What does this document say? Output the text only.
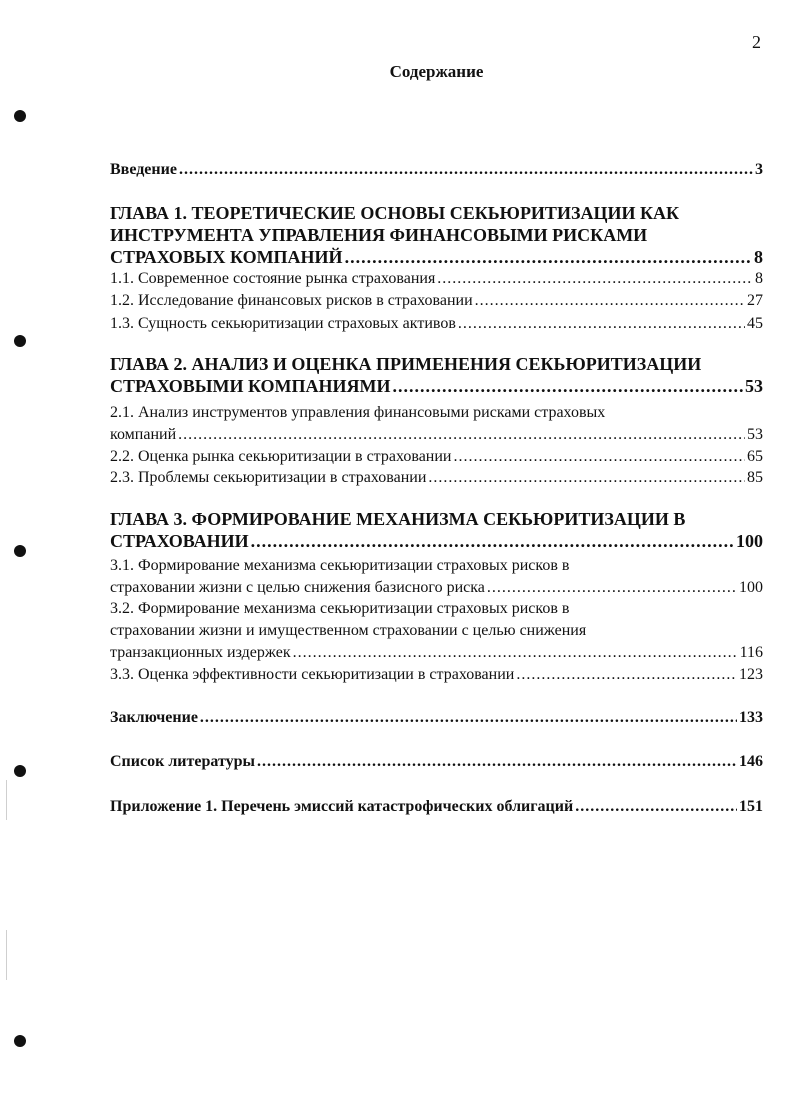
2
Содержание
Введение .....	3
ГЛАВА 1. ТЕОРЕТИЧЕСКИЕ ОСНОВЫ СЕКЬЮРИТИЗАЦИИ КАК
ИНСТРУМЕНТА УПРАВЛЕНИЯ ФИНАНСОВЫМИ РИСКАМИ
СТРАХОВЫХ КОМПАНИЙ .....	8
1.1. Современное состояние рынка страхования .....	8
1.2. Исследование финансовых рисков в страховании .....	27
1.3. Сущность секьюритизации страховых активов .....	45
ГЛАВА 2. АНАЛИЗ И ОЦЕНКА ПРИМЕНЕНИЯ СЕКЬЮРИТИЗАЦИИ
СТРАХОВЫМИ КОМПАНИЯМИ .....	53
2.1. Анализ инструментов управления финансовыми рисками страховых
компаний .....	53
2.2. Оценка рынка секьюритизации в страховании .....	65
2.3. Проблемы секьюритизации в страховании .....	85
ГЛАВА 3. ФОРМИРОВАНИЕ МЕХАНИЗМА СЕКЬЮРИТИЗАЦИИ В
СТРАХОВАНИИ .....	100
3.1. Формирование механизма секьюритизации страховых рисков в
страховании жизни с целью снижения базисного риска .....	100
3.2. Формирование механизма секьюритизации страховых рисков в
страховании жизни и имущественном страховании с целью снижения
транзакционных издержек .....	116
3.3. Оценка эффективности секьюритизации в страховании .....	123
Заключение .....	133
Список литературы .....	146
Приложение 1. Перечень эмиссий катастрофических облигаций .....	151
